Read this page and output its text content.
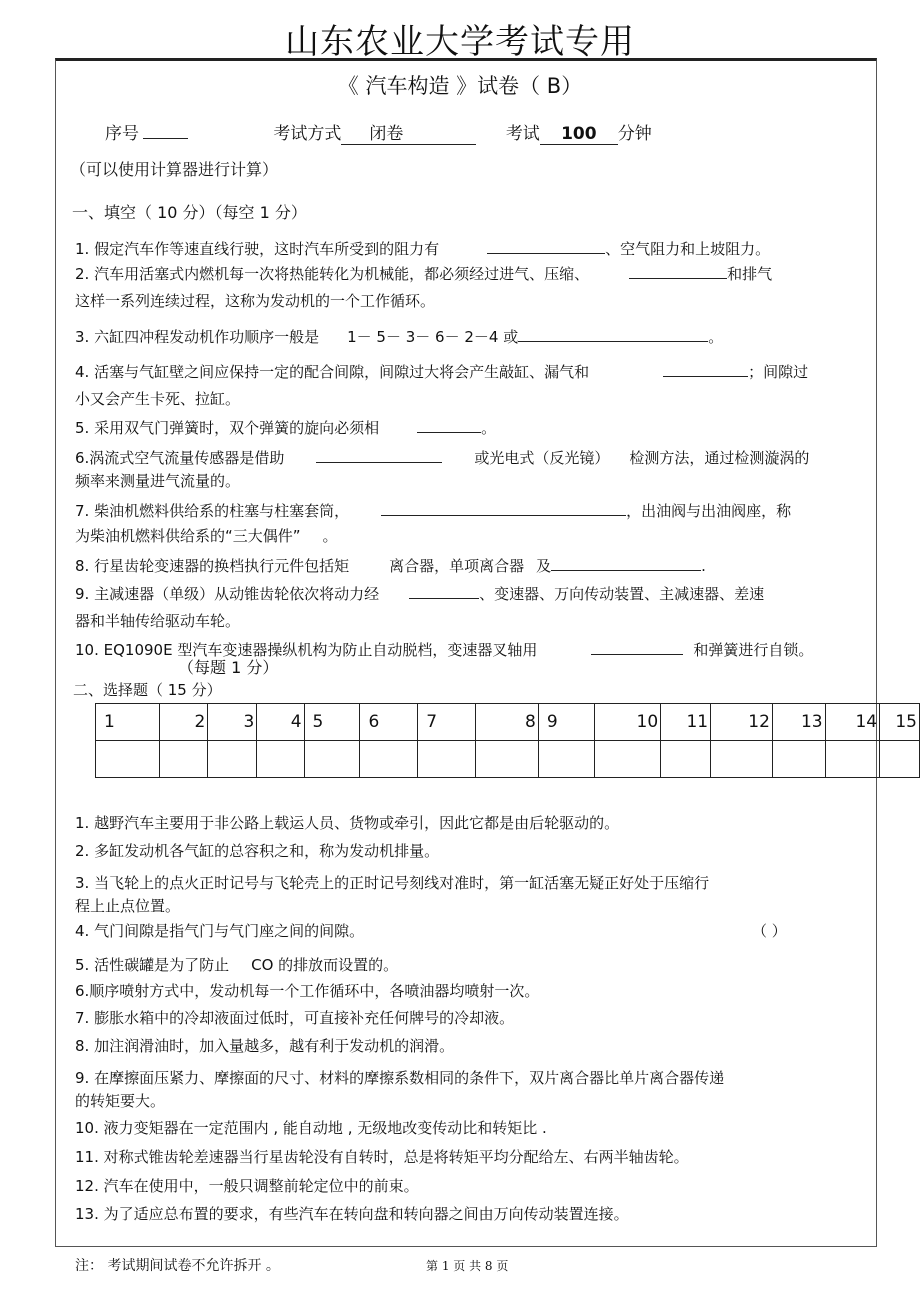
山东农业大学考试专用
《 汽车构造 》试卷（ B）
序号	考试方式 闭卷	考试 100 分钟
（可以使用计算器进行计算）
一、填空（ 10 分）（每空 1 分）
1. 假定汽车作等速直线行驶，这时汽车所受到的阻力有	、空气阻力和上坡阻力。
2. 汽车用活塞式内燃机每一次将热能转化为机械能，都必须经过进气、压缩、	和排气
这样一系列连续过程，这称为发动机的一个工作循环。
3. 六缸四冲程发动机作功顺序一般是 1－ 5－ 3－ 6－ 2－4 或	。
4. 活塞与气缸壁之间应保持一定的配合间隙，间隙过大将会产生敲缸、漏气和	；间隙过
小又会产生卡死、拉缸。
5. 采用双气门弹簧时，双个弹簧的旋向必须相	。
6.涡流式空气流量传感器是借助	或光电式（反光镜） 检测方法，通过检测漩涡的
频率来测量进气流量的。
7. 柴油机燃料供给系的柱塞与柱塞套筒，	，出油阀与出油阀座，称
为柴油机燃料供给系的“三大偶件” 。
8. 行星齿轮变速器的换档执行元件包括矩	离合器，单项离合器 及	.
9. 主减速器（单级）从动锥齿轮依次将动力经	、变速器、万向传动装置、主减速器、差速
器和半轴传给驱动车轮。
10. EQ1090E 型汽车变速器操纵机构为防止自动脱档，变速器叉轴用	和弹簧进行自锁。
（每题 1 分）
二、选择题（ 15 分）
1	2	3	4	5	6	7	8	9	10	11	12	13	14	15

1. 越野汽车主要用于非公路上载运人员、货物或牵引，因此它都是由后轮驱动的。
2. 多缸发动机各气缸的总容积之和，称为发动机排量。
3. 当飞轮上的点火正时记号与飞轮壳上的正时记号刻线对准时，第一缸活塞无疑正好处于压缩行
程上止点位置。
4. 气门间隙是指气门与气门座之间的间隙。	（ ）
5. 活性碳罐是为了防止 CO 的排放而设置的。
6.顺序喷射方式中，发动机每一个工作循环中，各喷油器均喷射一次。
7. 膨胀水箱中的冷却液面过低时，可直接补充任何牌号的冷却液。
8. 加注润滑油时，加入量越多，越有利于发动机的润滑。
9. 在摩擦面压紧力、摩擦面的尺寸、材料的摩擦系数相同的条件下，双片离合器比单片离合器传递
的转矩要大。
10. 液力变矩器在一定范围内 , 能自动地 , 无级地改变传动比和转矩比 .
11. 对称式锥齿轮差速器当行星齿轮没有自转时，总是将转矩平均分配给左、右两半轴齿轮。
12. 汽车在使用中，一般只调整前轮定位中的前束。
13. 为了适应总布置的要求，有些汽车在转向盘和转向器之间由万向传动装置连接。
注： 考试期间试卷不允许拆开 。	第 1 页 共 8 页
